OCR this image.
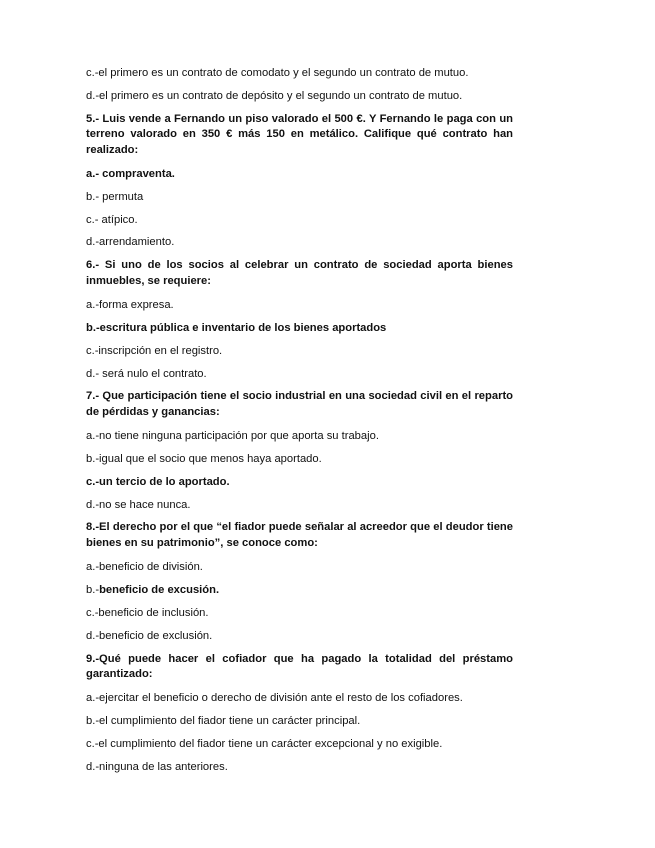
c.-el primero es un contrato de comodato y el segundo un contrato de mutuo.

d.-el primero es un contrato de depósito y el segundo un contrato de mutuo.

5.- Luis vende a Fernando un piso valorado el 500 €. Y Fernando le paga con un terreno valorado en 350 € más 150 en metálico. Califique qué contrato han realizado:

a.- compraventa.

b.- permuta

c.- atípico.

d.-arrendamiento.

6.- Si uno de los socios al celebrar un contrato de sociedad aporta bienes inmuebles, se requiere:

a.-forma expresa.

b.-escritura pública e inventario de los bienes aportados

c.-inscripción en el registro.

d.- será nulo el contrato.

7.- Que participación tiene el socio industrial en una sociedad civil en el reparto de pérdidas y ganancias:

a.-no tiene ninguna participación por que aporta su trabajo.

b.-igual que el socio que menos haya aportado.

c.-un tercio de lo aportado.

d.-no se hace nunca.

8.-El derecho por el que “el fiador puede señalar al acreedor que el deudor tiene bienes en su patrimonio”, se conoce como:

a.-beneficio de división.

b.-beneficio de excusión.

c.-beneficio de inclusión.

d.-beneficio de exclusión.

9.-Qué puede hacer el cofiador que ha pagado la totalidad del préstamo garantizado:

a.-ejercitar el beneficio o derecho de división ante el resto de los cofiadores.

b.-el cumplimiento del fiador tiene un carácter principal.

c.-el cumplimiento del fiador tiene un carácter excepcional y no exigible.

d.-ninguna de las anteriores.
